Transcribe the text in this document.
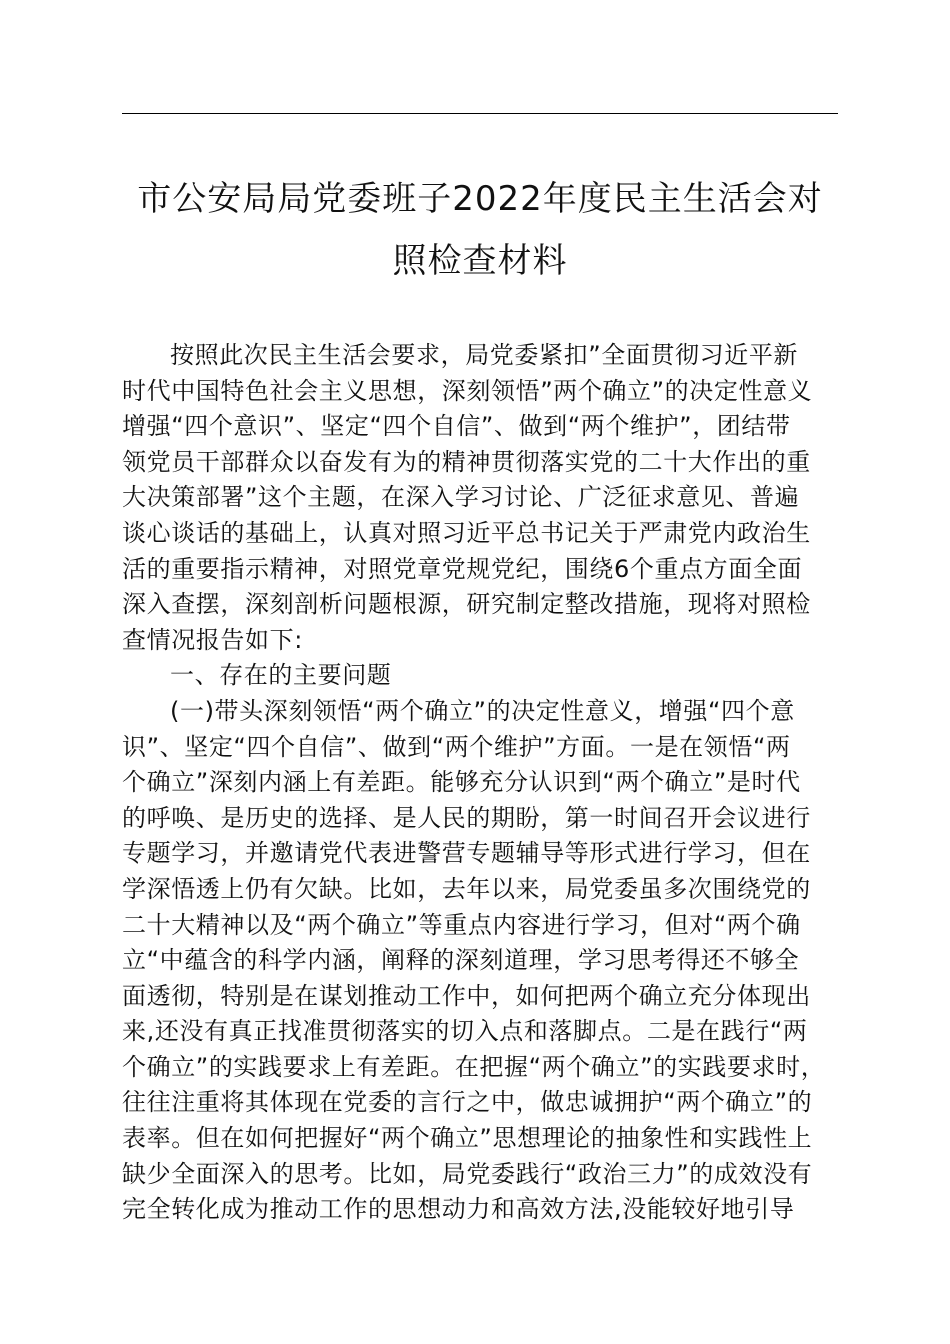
市公安局局党委班子2022年度民主生活会对
照检查材料
按照此次民主生活会要求，局党委紧扣”全面贯彻习近平新
时代中国特色社会主义思想，深刻领悟”两个确立”的决定性意义
增强“四个意识”、坚定“四个自信”、做到“两个维护”，团结带
领党员干部群众以奋发有为的精神贯彻落实党的二十大作出的重
大决策部署”这个主题，在深入学习讨论、广泛征求意见、普遍
谈心谈话的基础上，认真对照习近平总书记关于严肃党内政治生
活的重要指示精神，对照党章党规党纪，围绕6个重点方面全面
深入查摆，深刻剖析问题根源，研究制定整改措施，现将对照检
查情况报告如下:
一、存在的主要问题
(一)带头深刻领悟“两个确立”的决定性意义，增强“四个意
识”、坚定“四个自信”、做到“两个维护”方面。一是在领悟“两
个确立”深刻内涵上有差距。能够充分认识到“两个确立”是时代
的呼唤、是历史的选择、是人民的期盼，第一时间召开会议进行
专题学习，并邀请党代表进警营专题辅导等形式进行学习，但在
学深悟透上仍有欠缺。比如，去年以来，局党委虽多次围绕党的
二十大精神以及“两个确立”等重点内容进行学习，但对“两个确
立“中蕴含的科学内涵，阐释的深刻道理，学习思考得还不够全
面透彻，特别是在谋划推动工作中，如何把两个确立充分体现出
来,还没有真正找准贯彻落实的切入点和落脚点。二是在践行“两
个确立”的实践要求上有差距。在把握“两个确立”的实践要求时，
往往注重将其体现在党委的言行之中，做忠诚拥护“两个确立”的
表率。但在如何把握好“两个确立”思想理论的抽象性和实践性上
缺少全面深入的思考。比如，局党委践行“政治三力”的成效没有
完全转化成为推动工作的思想动力和高效方法,没能较好地引导
